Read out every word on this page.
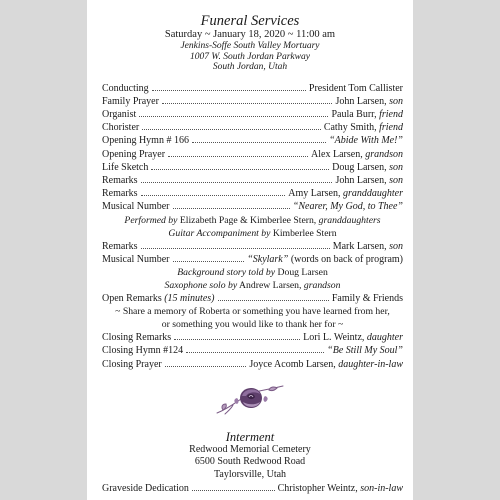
Funeral Services
Saturday ~ January 18, 2020 ~ 11:00 am
Jenkins-Soffe South Valley Mortuary
1007 W. South Jordan Parkway
South Jordan, Utah
Conducting	President Tom Callister
Family Prayer	John Larsen, son
Organist	Paula Burr, friend
Chorister	Cathy Smith, friend
Opening Hymn # 166	“Abide With Me!”
Opening Prayer	Alex Larsen, grandson
Life Sketch	Doug Larsen, son
Remarks	John Larsen, son
Remarks	Amy Larsen, granddaughter
Musical Number	“Nearer, My God, to Thee”
Performed by Elizabeth Page & Kimberlee Stern, granddaughters
Guitar Accompaniment by Kimberlee Stern
Remarks	Mark Larsen, son
Musical Number	“Skylark” (words on back of program)
Background story told by Doug Larsen
Saxophone solo by Andrew Larsen, grandson
Open Remarks (15 minutes)	Family & Friends
~ Share a memory of Roberta or something you have learned from her,
or something you would like to thank her for ~
Closing Remarks	Lori L. Weintz, daughter
Closing Hymn #124	“Be Still My Soul”
Closing Prayer	Joyce Acomb Larsen, daughter-in-law
Interment
Redwood Memorial Cemetery
6500 South Redwood Road
Taylorsville, Utah
Graveside Dedication	Christopher Weintz, son-in-law
